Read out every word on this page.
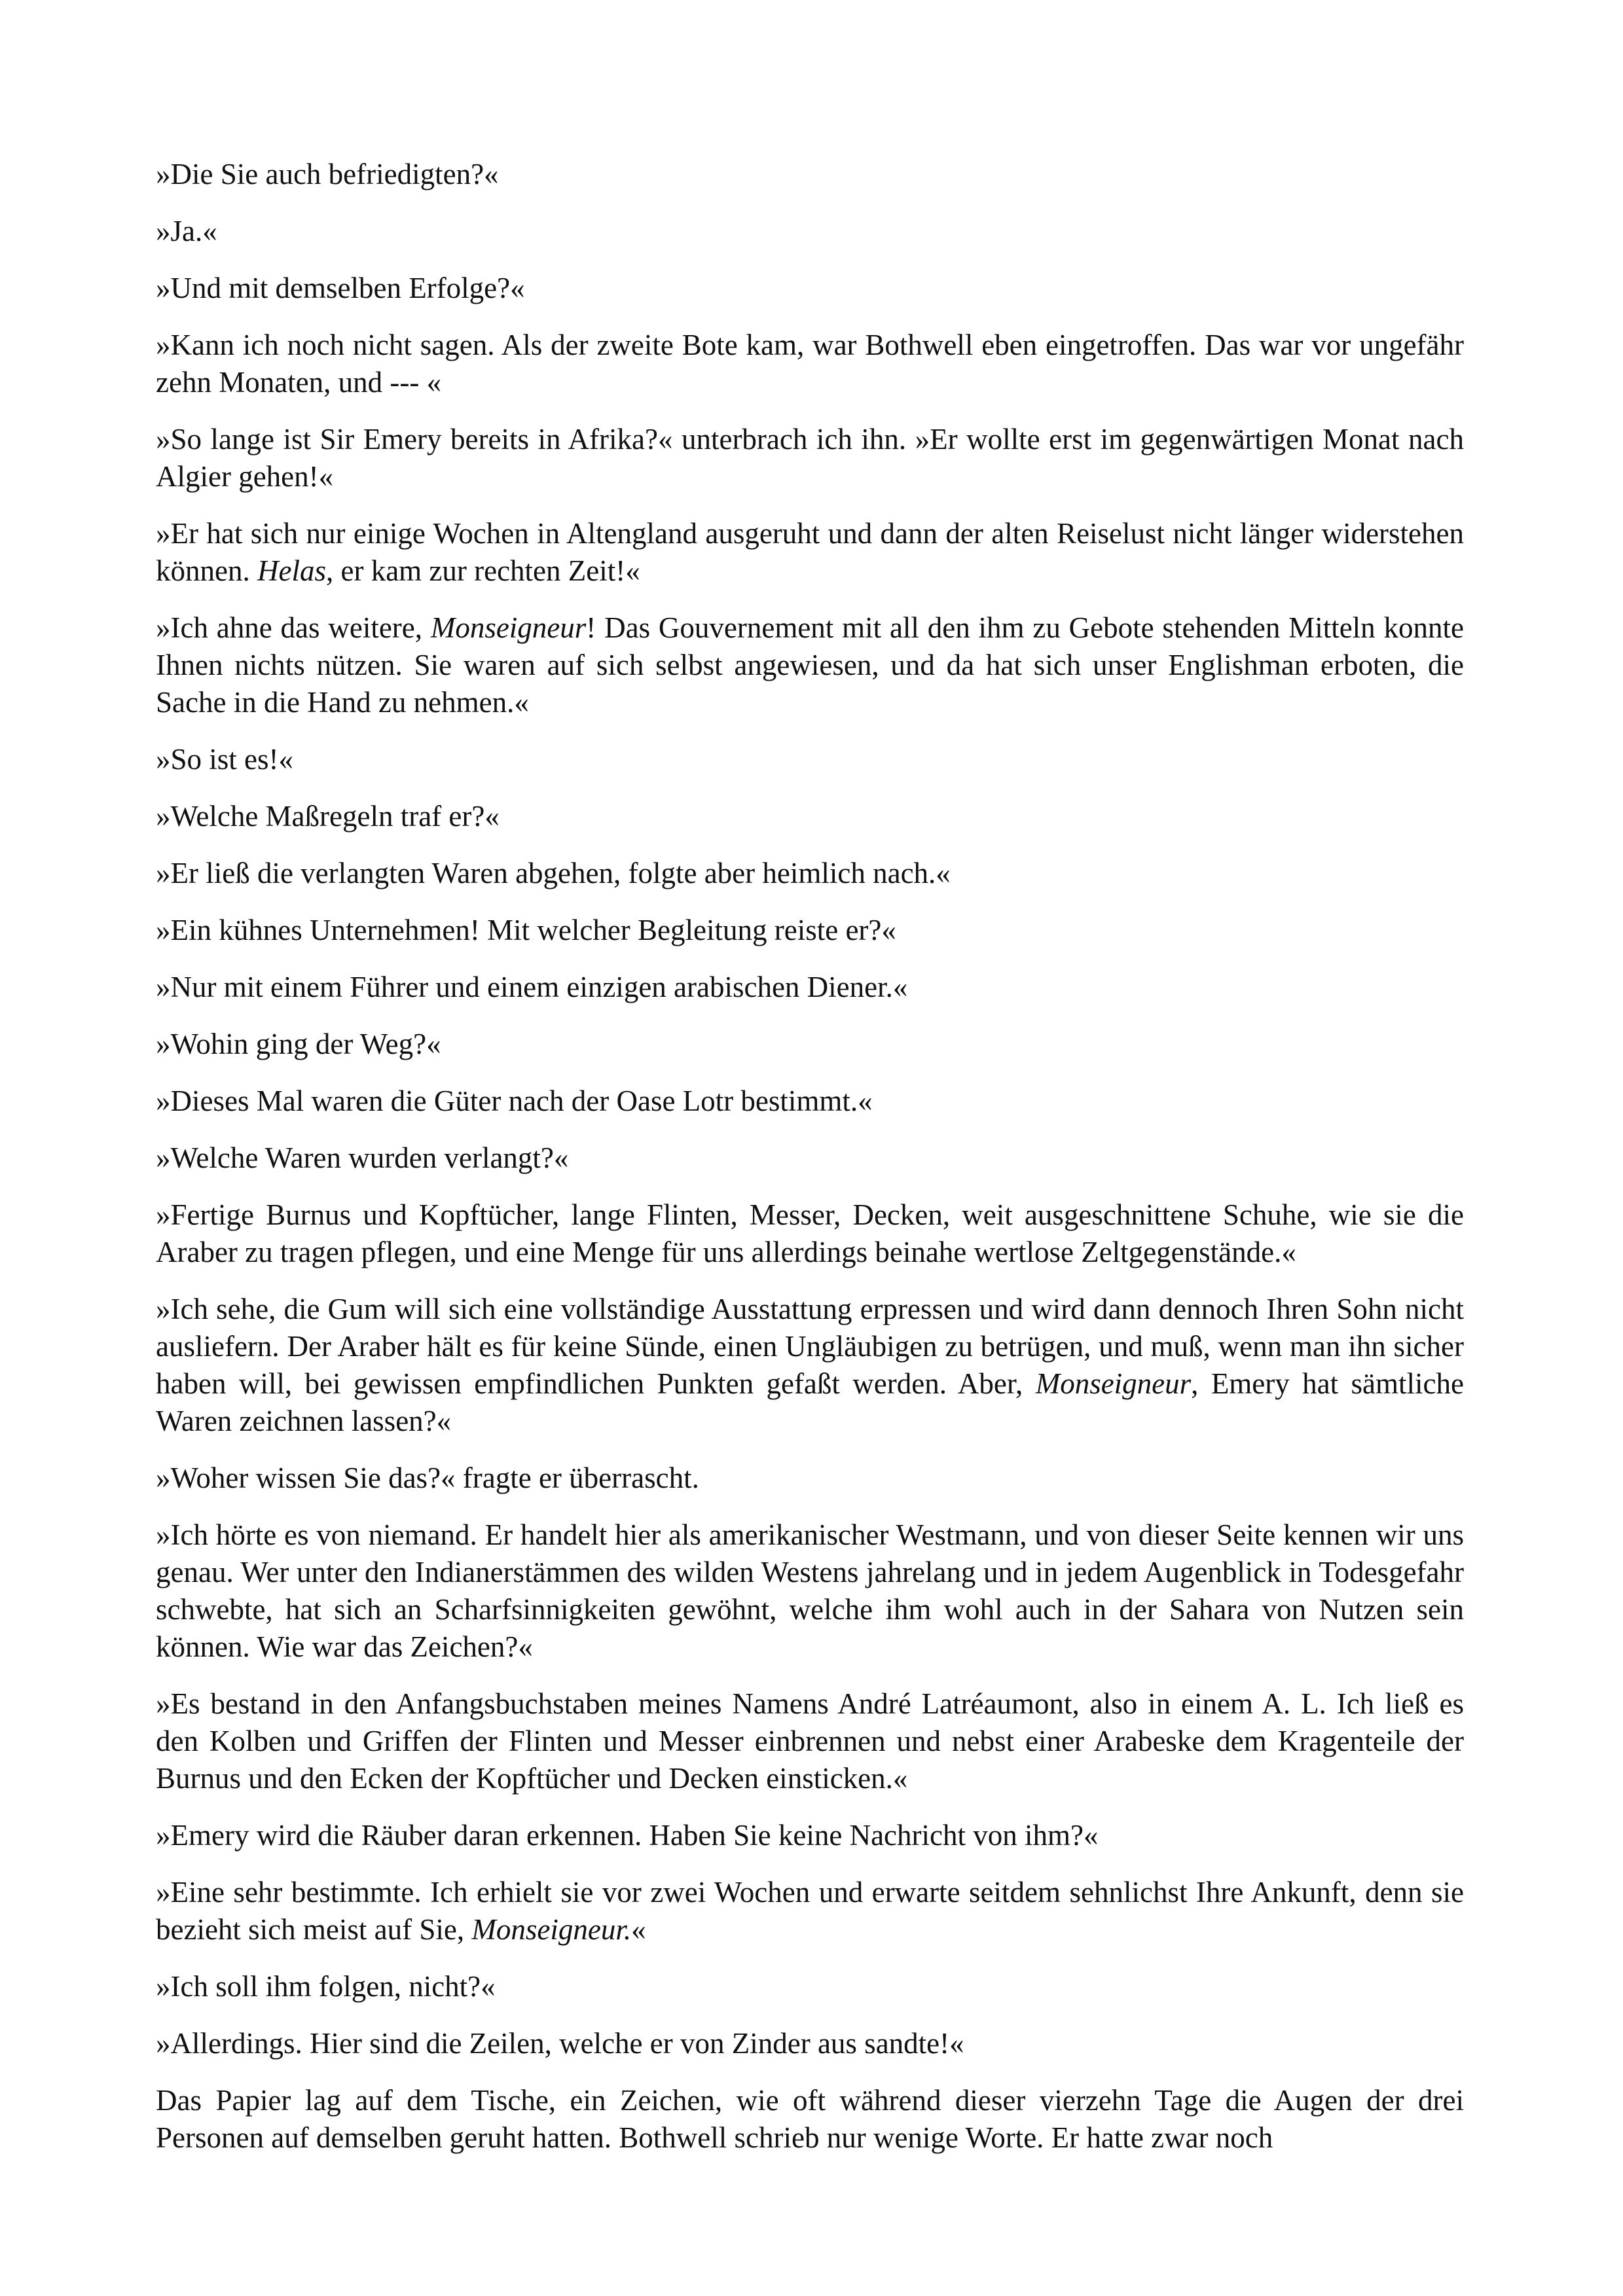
»Die Sie auch befriedigten?«

»Ja.«

»Und mit demselben Erfolge?«

»Kann ich noch nicht sagen. Als der zweite Bote kam, war Bothwell eben eingetroffen. Das war vor ungefähr zehn Monaten, und --- «

»So lange ist Sir Emery bereits in Afrika?« unterbrach ich ihn. »Er wollte erst im gegenwärtigen Monat nach Algier gehen!«

»Er hat sich nur einige Wochen in Altengland ausgeruht und dann der alten Reiselust nicht länger widerstehen können. Helas, er kam zur rechten Zeit!«

»Ich ahne das weitere, Monseigneur! Das Gouvernement mit all den ihm zu Gebote stehenden Mitteln konnte Ihnen nichts nützen. Sie waren auf sich selbst angewiesen, und da hat sich unser Englishman erboten, die Sache in die Hand zu nehmen.«

»So ist es!«

»Welche Maßregeln traf er?«

»Er ließ die verlangten Waren abgehen, folgte aber heimlich nach.«

»Ein kühnes Unternehmen! Mit welcher Begleitung reiste er?«

»Nur mit einem Führer und einem einzigen arabischen Diener.«

»Wohin ging der Weg?«

»Dieses Mal waren die Güter nach der Oase Lotr bestimmt.«

»Welche Waren wurden verlangt?«

»Fertige Burnus und Kopftücher, lange Flinten, Messer, Decken, weit ausgeschnittene Schuhe, wie sie die Araber zu tragen pflegen, und eine Menge für uns allerdings beinahe wertlose Zeltgegenstände.«

»Ich sehe, die Gum will sich eine vollständige Ausstattung erpressen und wird dann dennoch Ihren Sohn nicht ausliefern. Der Araber hält es für keine Sünde, einen Ungläubigen zu betrügen, und muß, wenn man ihn sicher haben will, bei gewissen empfindlichen Punkten gefaßt werden. Aber, Monseigneur, Emery hat sämtliche Waren zeichnen lassen?«

»Woher wissen Sie das?« fragte er überrascht.

»Ich hörte es von niemand. Er handelt hier als amerikanischer Westmann, und von dieser Seite kennen wir uns genau. Wer unter den Indianerstämmen des wilden Westens jahrelang und in jedem Augenblick in Todesgefahr schwebte, hat sich an Scharfsinnigkeiten gewöhnt, welche ihm wohl auch in der Sahara von Nutzen sein können. Wie war das Zeichen?«

»Es bestand in den Anfangsbuchstaben meines Namens André Latréaumont, also in einem A. L. Ich ließ es den Kolben und Griffen der Flinten und Messer einbrennen und nebst einer Arabeske dem Kragenteile der Burnus und den Ecken der Kopftücher und Decken einsticken.«

»Emery wird die Räuber daran erkennen. Haben Sie keine Nachricht von ihm?«

»Eine sehr bestimmte. Ich erhielt sie vor zwei Wochen und erwarte seitdem sehnlichst Ihre Ankunft, denn sie bezieht sich meist auf Sie, Monseigneur.«

»Ich soll ihm folgen, nicht?«

»Allerdings. Hier sind die Zeilen, welche er von Zinder aus sandte!«

Das Papier lag auf dem Tische, ein Zeichen, wie oft während dieser vierzehn Tage die Augen der drei Personen auf demselben geruht hatten. Bothwell schrieb nur wenige Worte. Er hatte zwar noch
